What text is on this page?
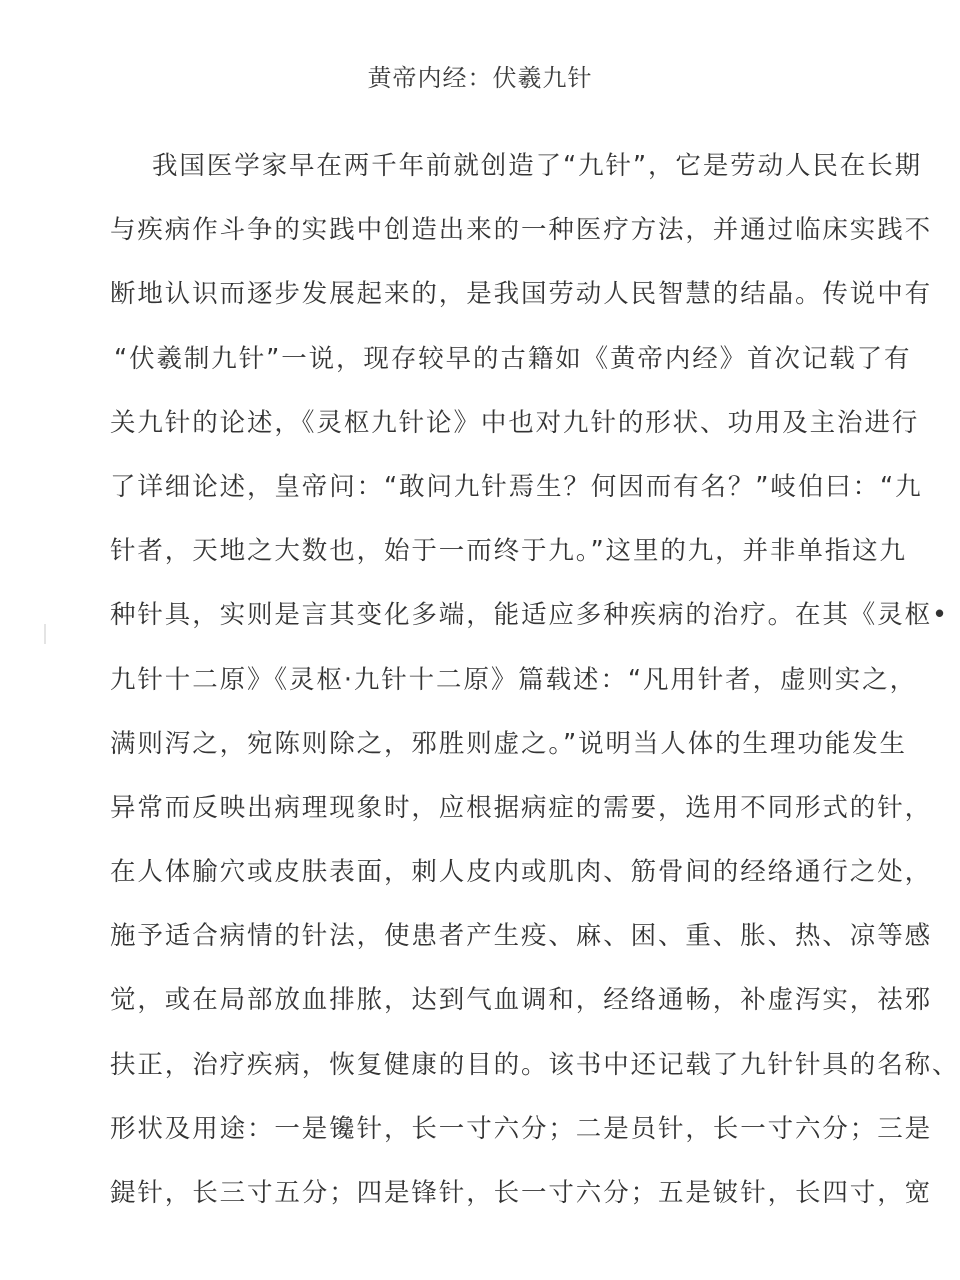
黄帝内经：伏羲九针
我国医学家早在两千年前就创造了“九针”，它是劳动人民在长期
与疾病作斗争的实践中创造出来的一种医疗方法，并通过临床实践不
断地认识而逐步发展起来的，是我国劳动人民智慧的结晶。传说中有
“伏羲制九针”一说，现存较早的古籍如《黄帝内经》首次记载了有
关九针的论述，《灵枢九针论》中也对九针的形状、功用及主治进行
了详细论述，皇帝问：“敢问九针焉生？何因而有名？”岐伯曰：“九
针者，天地之大数也，始于一而终于九。”这里的九，并非单指这九
种针具，实则是言其变化多端，能适应多种疾病的治疗。在其《灵枢•
九针十二原》《灵枢·九针十二原》篇载述：“凡用针者，虚则实之，
满则泻之，宛陈则除之，邪胜则虚之。”说明当人体的生理功能发生
异常而反映出病理现象时，应根据病症的需要，选用不同形式的针，
在人体腧穴或皮肤表面，刺人皮内或肌肉、筋骨间的经络通行之处，
施予适合病情的针法，使患者产生疫、麻、困、重、胀、热、凉等感
觉，或在局部放血排脓，达到气血调和，经络通畅，补虚泻实，祛邪
扶正，治疗疾病，恢复健康的目的。该书中还记载了九针针具的名称、
形状及用途：一是镵针，长一寸六分；二是员针，长一寸六分；三是
鍉针，长三寸五分；四是锋针，长一寸六分；五是铍针，长四寸，宽
